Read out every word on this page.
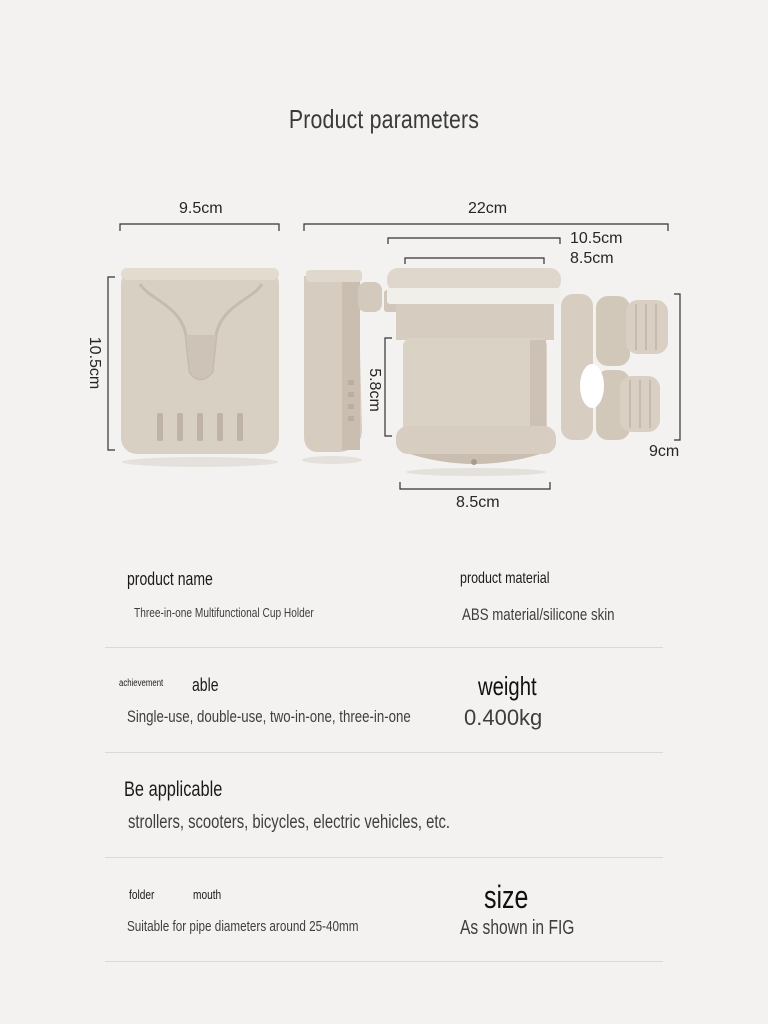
Product parameters
9.5cm	22cm
10.5cm
8.5cm
10.5cm
5.8cm
8.5cm
9cm
product name
Three-in-one Multifunctional Cup Holder
product material
ABS material/silicone skin
achievement	able
Single-use, double-use, two-in-one, three-in-one
weight
0.400kg
Be applicable
strollers, scooters, bicycles, electric vehicles, etc.
folder	mouth
Suitable for pipe diameters around 25-40mm
size
As shown in FIG
